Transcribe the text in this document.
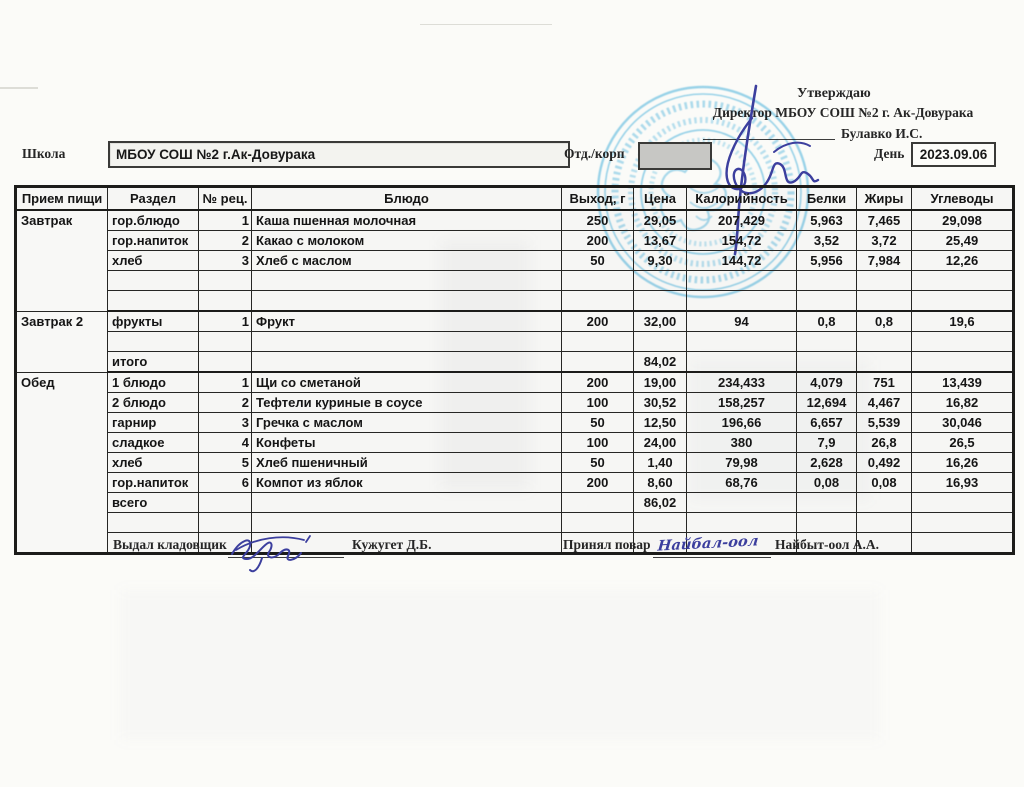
Утверждаю
Директор МБОУ СОШ №2 г. Ак-Довурака
Булавко И.С.
Школа	МБОУ СОШ №2 г.Ак-Довурака	Отд./корп	День 2023.09.06
Прием пищи	Раздел	№ рец.	Блюдо	Выход, г	Цена	Калорийность	Белки	Жиры	Углеводы
Завтрак	гор.блюдо	1	Каша пшенная молочная	250	29,05	207,429	5,963	7,465	29,098
	гор.напиток	2	Какао с молоком	200	13,67	154,72	3,52	3,72	25,49
	хлеб	3	Хлеб с маслом	50	9,30	144,72	5,956	7,984	12,26

Завтрак 2	фрукты	1	Фрукт	200	32,00	94	0,8	0,8	19,6

	итого				84,02				
Обед	1 блюдо	1	Щи со сметаной	200	19,00	234,433	4,079	751	13,439
	2 блюдо	2	Тефтели куриные в соусе	100	30,52	158,257	12,694	4,467	16,82
	гарнир	3	Гречка с маслом	50	12,50	196,66	6,657	5,539	30,046
	сладкое	4	Конфеты	100	24,00	380	7,9	26,8	26,5
	хлеб	5	Хлеб пшеничный	50	1,40	79,98	2,628	0,492	16,26
	гор.напиток	6	Компот из яблок	200	8,60	68,76	0,08	0,08	16,93
	всего				86,02				

Выдал кладовщик	Кужугет Д.Б.	Принял повар Найбал-оол Найбыт-оол А.А.
